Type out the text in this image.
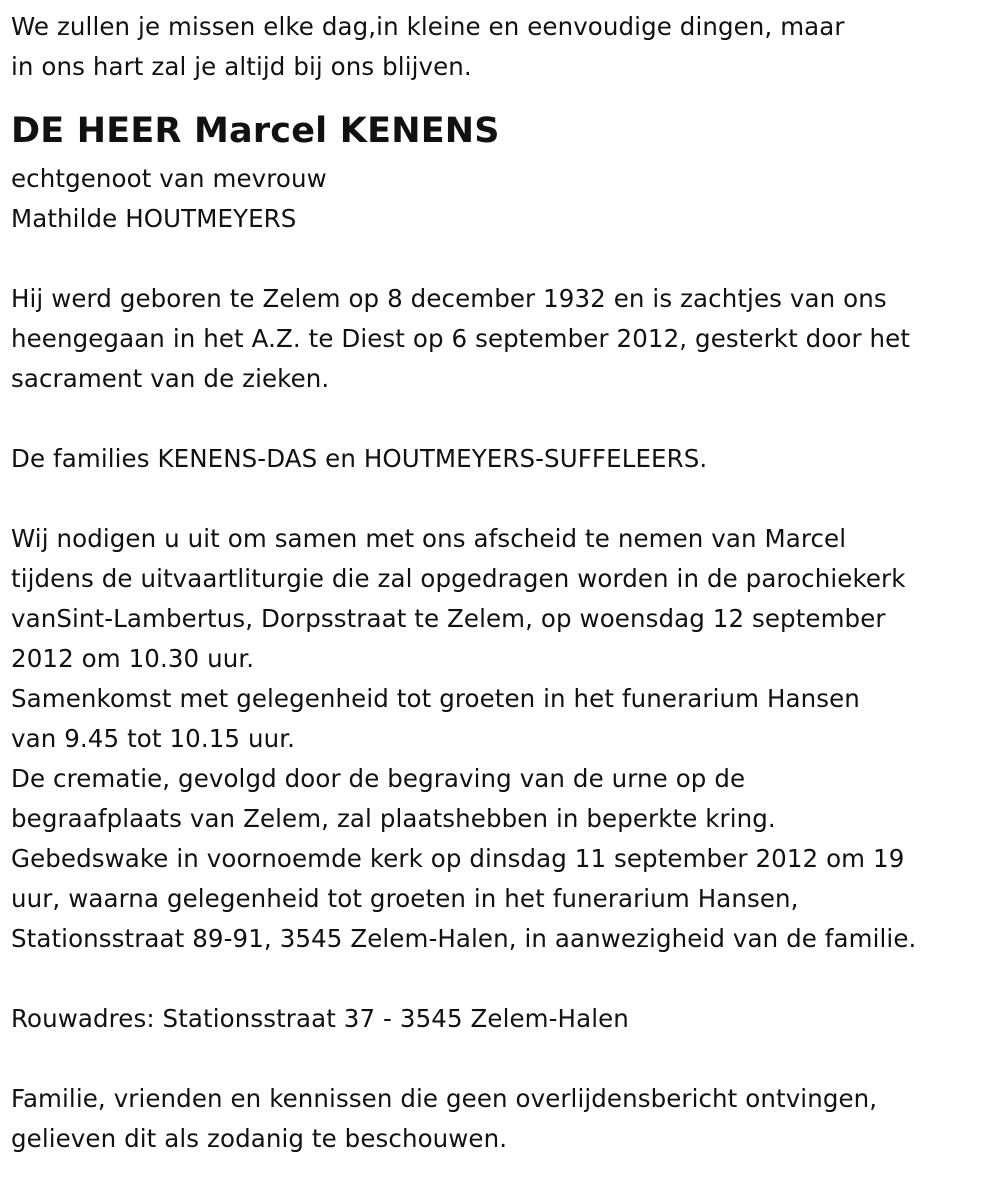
We zullen je missen elke dag,in kleine en eenvoudige dingen, maar
in ons hart zal je altijd bij ons blijven.
DE HEER Marcel KENENS
echtgenoot van mevrouw
Mathilde HOUTMEYERS
Hij werd geboren te Zelem op 8 december 1932 en is zachtjes van ons
heengegaan in het A.Z. te Diest op 6 september 2012, gesterkt door het
sacrament van de zieken.
De families KENENS-DAS en HOUTMEYERS-SUFFELEERS.
Wij nodigen u uit om samen met ons afscheid te nemen van Marcel
tijdens de uitvaartliturgie die zal opgedragen worden in de parochiekerk
vanSint-Lambertus, Dorpsstraat te Zelem, op woensdag 12 september
2012 om 10.30 uur.
Samenkomst met gelegenheid tot groeten in het funerarium Hansen
van 9.45 tot 10.15 uur.
De crematie, gevolgd door de begraving van de urne op de
begraafplaats van Zelem, zal plaatshebben in beperkte kring.
Gebedswake in voornoemde kerk op dinsdag 11 september 2012 om 19
uur, waarna gelegenheid tot groeten in het funerarium Hansen,
Stationsstraat 89-91, 3545 Zelem-Halen, in aanwezigheid van de familie.
Rouwadres: Stationsstraat 37 - 3545 Zelem-Halen
Familie, vrienden en kennissen die geen overlijdensbericht ontvingen,
gelieven dit als zodanig te beschouwen.
